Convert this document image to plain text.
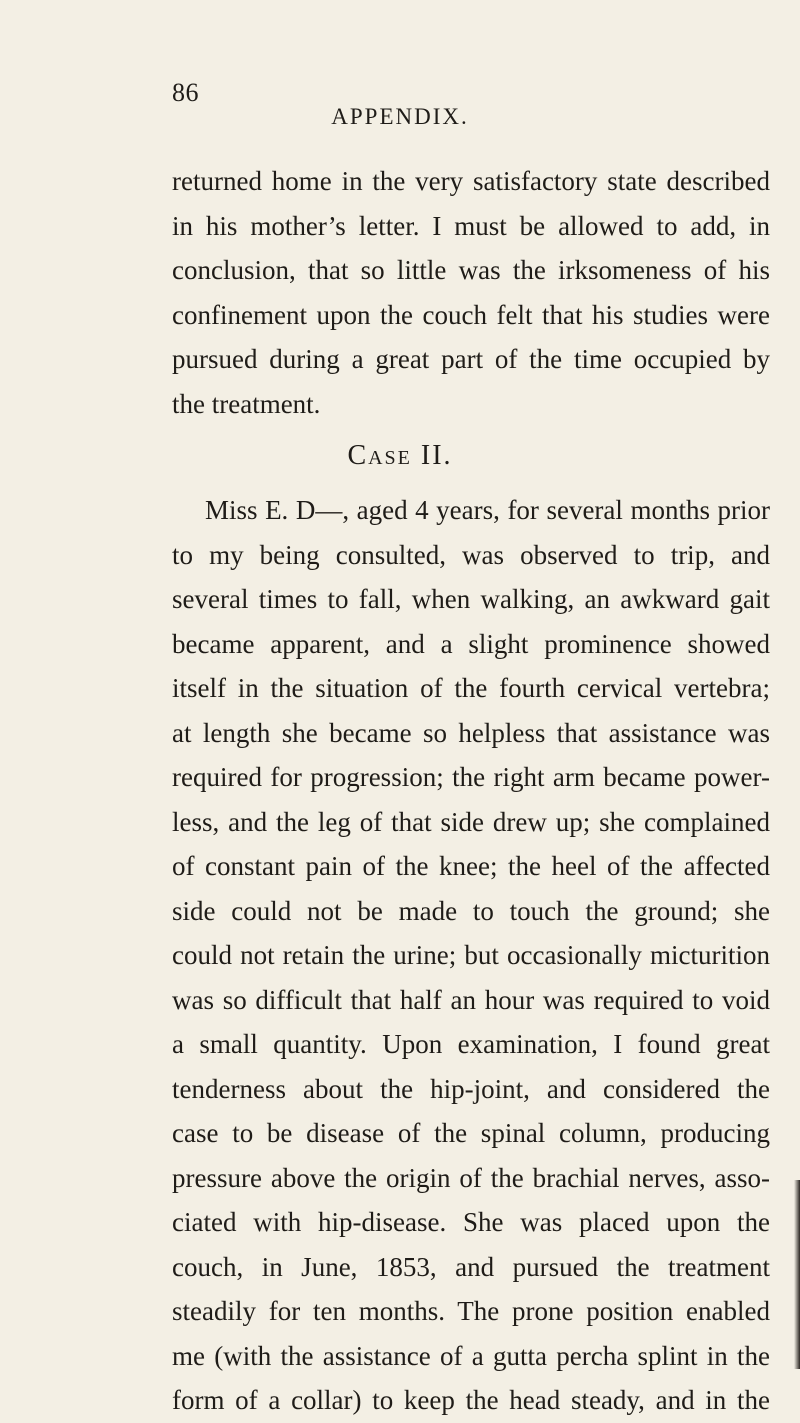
86
APPENDIX.
returned home in the very satisfactory state described
in his mother’s letter. I must be allowed to add, in
conclusion, that so little was the irksomeness of his
confinement upon the couch felt that his studies were
pursued during a great part of the time occupied by
the treatment.
Case II.
Miss E. D—, aged 4 years, for several months prior
to my being consulted, was observed to trip, and
several times to fall, when walking, an awkward gait
became apparent, and a slight prominence showed
itself in the situation of the fourth cervical vertebra;
at length she became so helpless that assistance was
required for progression; the right arm became power-
less, and the leg of that side drew up; she complained
of constant pain of the knee; the heel of the affected
side could not be made to touch the ground; she
could not retain the urine; but occasionally micturition
was so difficult that half an hour was required to void
a small quantity. Upon examination, I found great
tenderness about the hip-joint, and considered the
case to be disease of the spinal column, producing
pressure above the origin of the brachial nerves, asso-
ciated with hip-disease. She was placed upon the
couch, in June, 1853, and pursued the treatment
steadily for ten months. The prone position enabled
me (with the assistance of a gutta percha splint in the
form of a collar) to keep the head steady, and in the
